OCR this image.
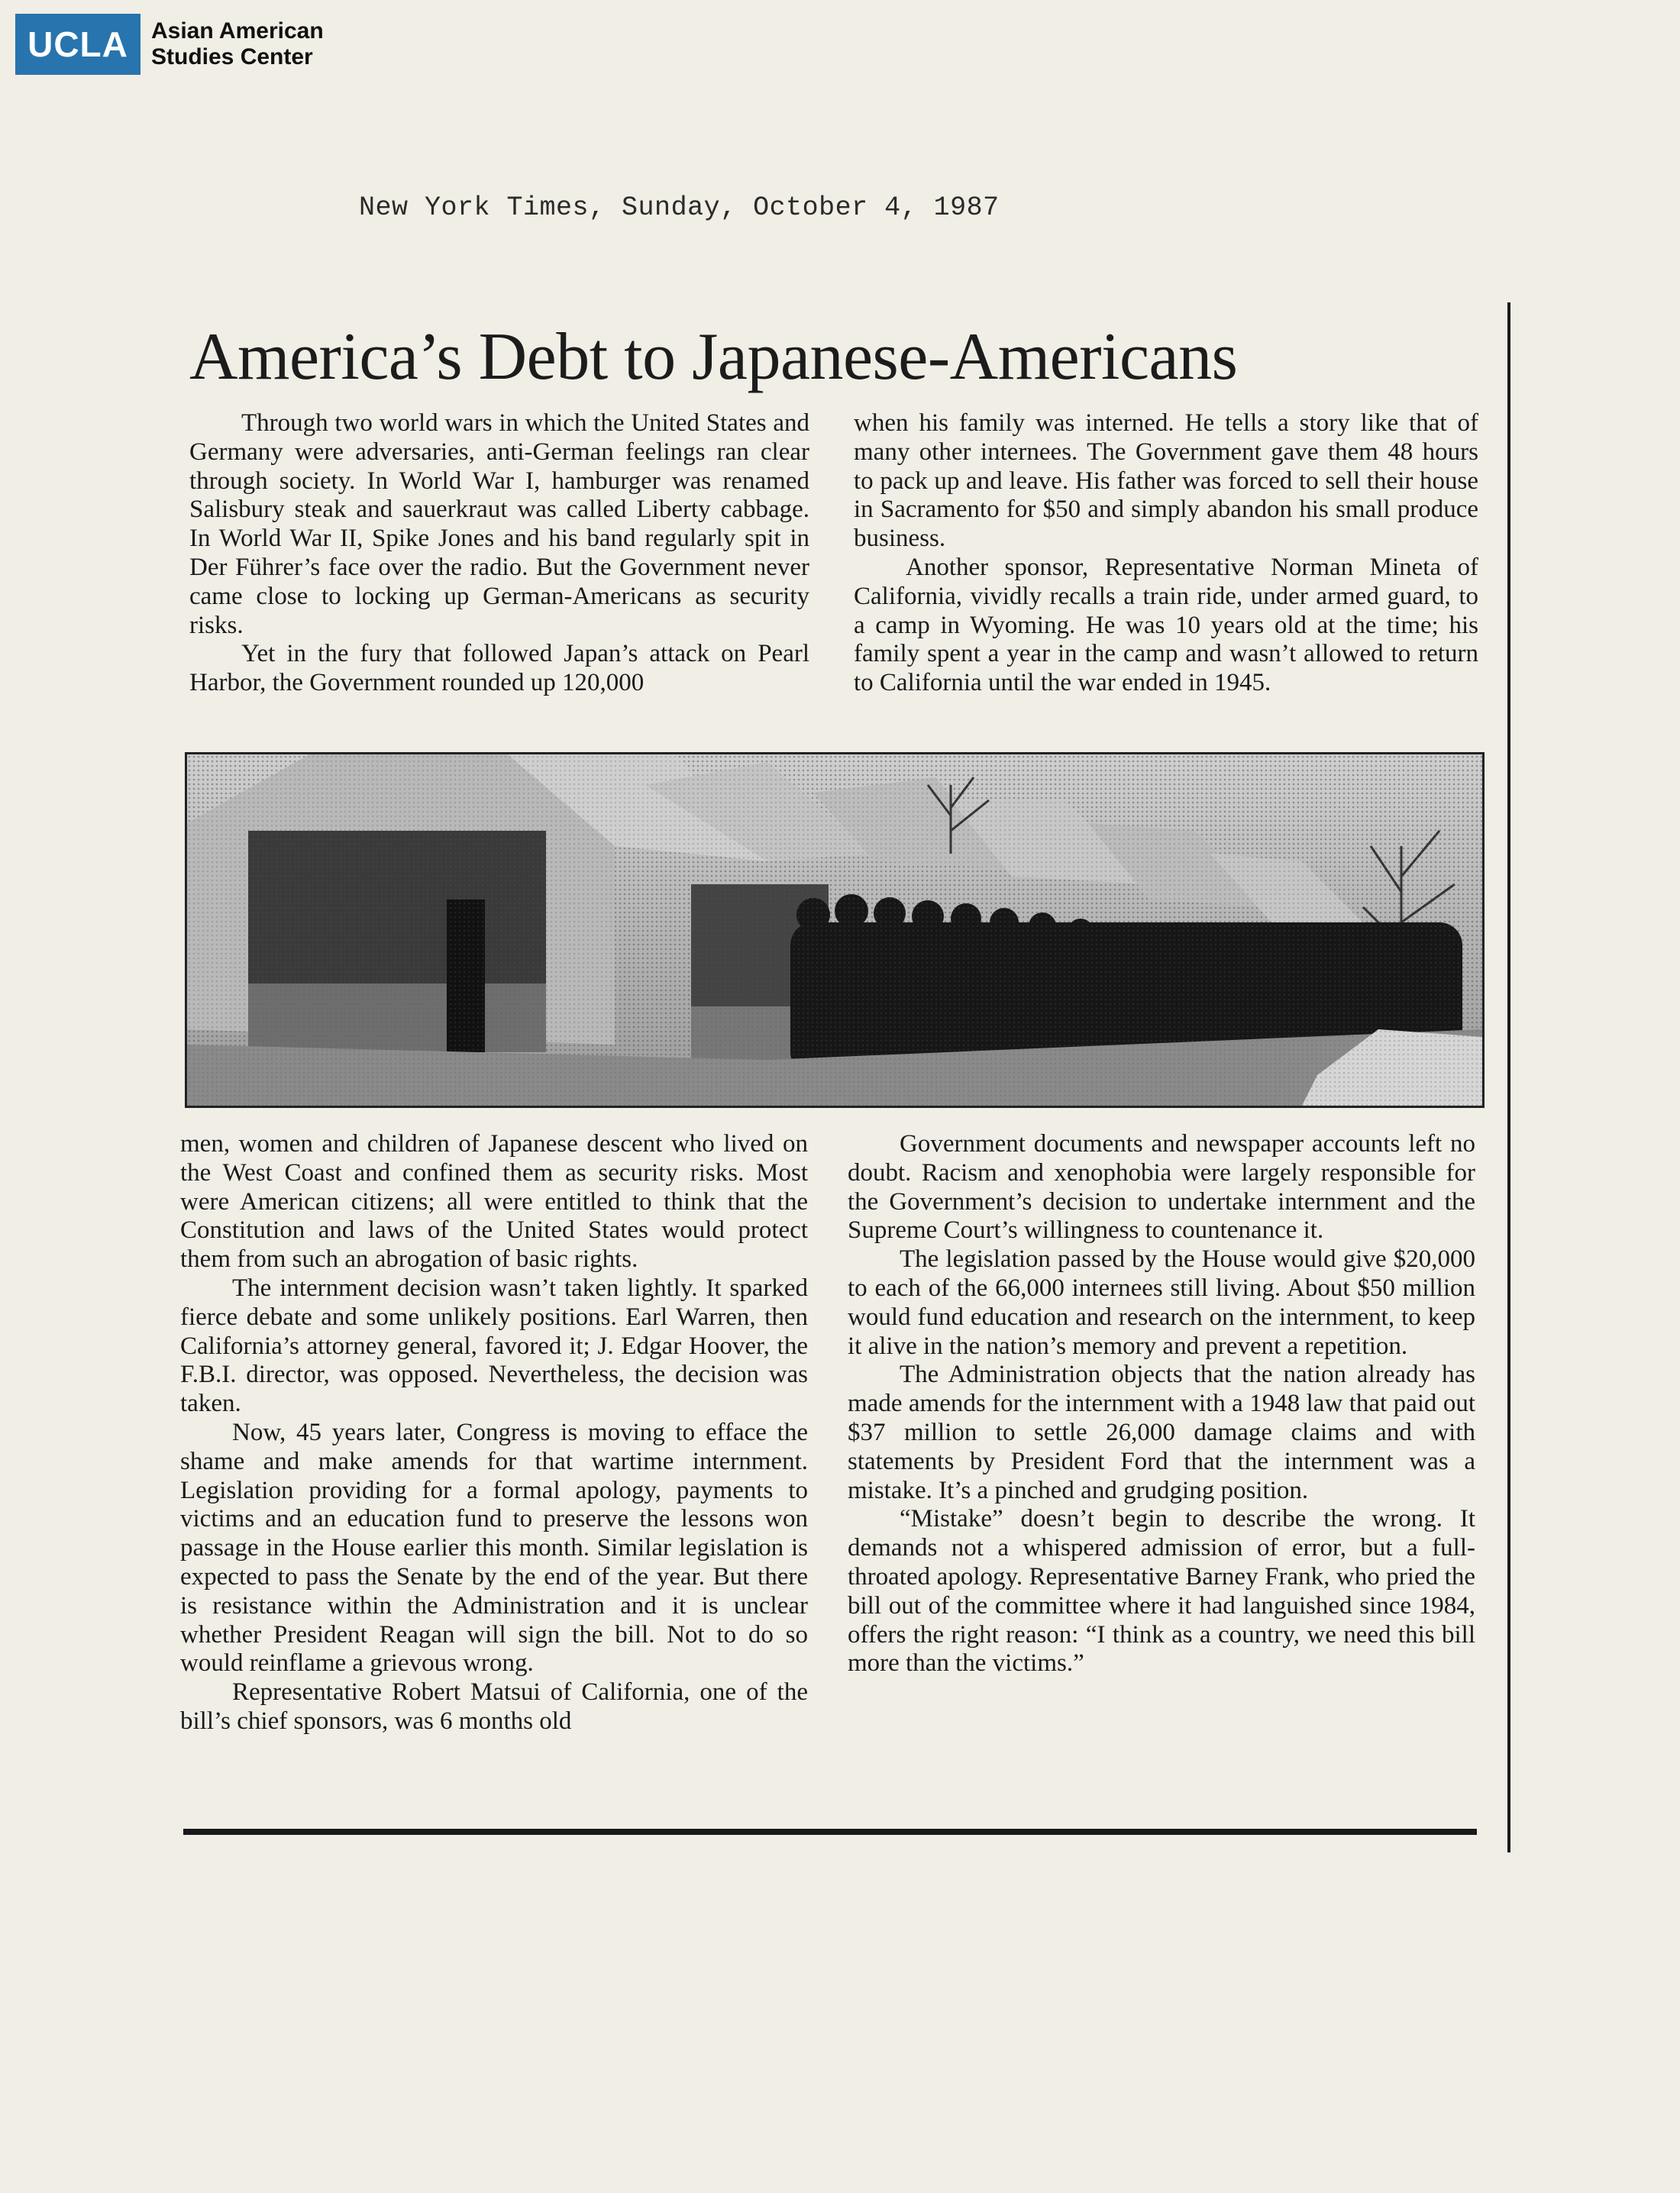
UCLA	Asian American
Studies Center
New York Times, Sunday, October 4, 1987
America’s Debt to Japanese-Americans

Through two world wars in which the United States and Germany were adversaries, anti-German feelings ran clear through society. In World War I, hamburger was renamed Salisbury steak and sauerkraut was called Liberty cabbage. In World War II, Spike Jones and his band regularly spit in Der Führer’s face over the radio. But the Government never came close to locking up German-Americans as security risks.

Yet in the fury that followed Japan’s attack on Pearl Harbor, the Government rounded up 120,000

when his family was interned. He tells a story like that of many other internees. The Government gave them 48 hours to pack up and leave. His father was forced to sell their house in Sacramento for $50 and simply abandon his small produce business.

Another sponsor, Representative Norman Mineta of California, vividly recalls a train ride, under armed guard, to a camp in Wyoming. He was 10 years old at the time; his family spent a year in the camp and wasn’t allowed to return to California until the war ended in 1945.

men, women and children of Japanese descent who lived on the West Coast and confined them as security risks. Most were American citizens; all were entitled to think that the Constitution and laws of the United States would protect them from such an abrogation of basic rights.

The internment decision wasn’t taken lightly. It sparked fierce debate and some unlikely positions. Earl Warren, then California’s attorney general, favored it; J. Edgar Hoover, the F.B.I. director, was opposed. Nevertheless, the decision was taken.

Now, 45 years later, Congress is moving to efface the shame and make amends for that wartime internment. Legislation providing for a formal apology, payments to victims and an education fund to preserve the lessons won passage in the House earlier this month. Similar legislation is expected to pass the Senate by the end of the year. But there is resistance within the Administration and it is unclear whether President Reagan will sign the bill. Not to do so would reinflame a grievous wrong.

Representative Robert Matsui of California, one of the bill’s chief sponsors, was 6 months old

Government documents and newspaper accounts left no doubt. Racism and xenophobia were largely responsible for the Government’s decision to undertake internment and the Supreme Court’s willingness to countenance it.

The legislation passed by the House would give $20,000 to each of the 66,000 internees still living. About $50 million would fund education and research on the internment, to keep it alive in the nation’s memory and prevent a repetition.

The Administration objects that the nation already has made amends for the internment with a 1948 law that paid out $37 million to settle 26,000 damage claims and with statements by President Ford that the internment was a mistake. It’s a pinched and grudging position.

“Mistake” doesn’t begin to describe the wrong. It demands not a whispered admission of error, but a full-throated apology. Representative Barney Frank, who pried the bill out of the committee where it had languished since 1984, offers the right reason: “I think as a country, we need this bill more than the victims.”
